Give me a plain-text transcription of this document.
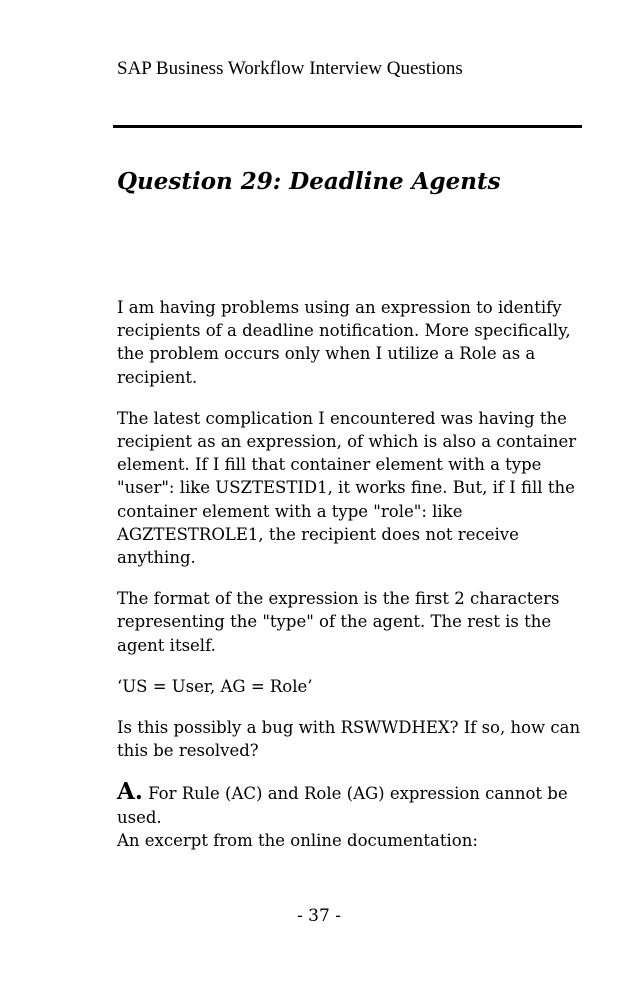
SAP Business Workflow Interview Questions
Question 29: Deadline Agents

I am having problems using an expression to identify recipients of a deadline notification. More specifically, the problem occurs only when I utilize a Role as a recipient.

The latest complication I encountered was having the recipient as an expression, of which is also a container element. If I fill that container element with a type "user": like USZTESTID1, it works fine. But, if I fill the container element with a type "role": like AGZTESTROLE1, the recipient does not receive anything.

The format of the expression is the first 2 characters representing the "type" of the agent. The rest is the agent itself.

‘US = User, AG = Role’

Is this possibly a bug with RSWWDHEX? If so, how can this be resolved?

A. For Rule (AC) and Role (AG) expression cannot be used.
An excerpt from the online documentation:
- 37 -
